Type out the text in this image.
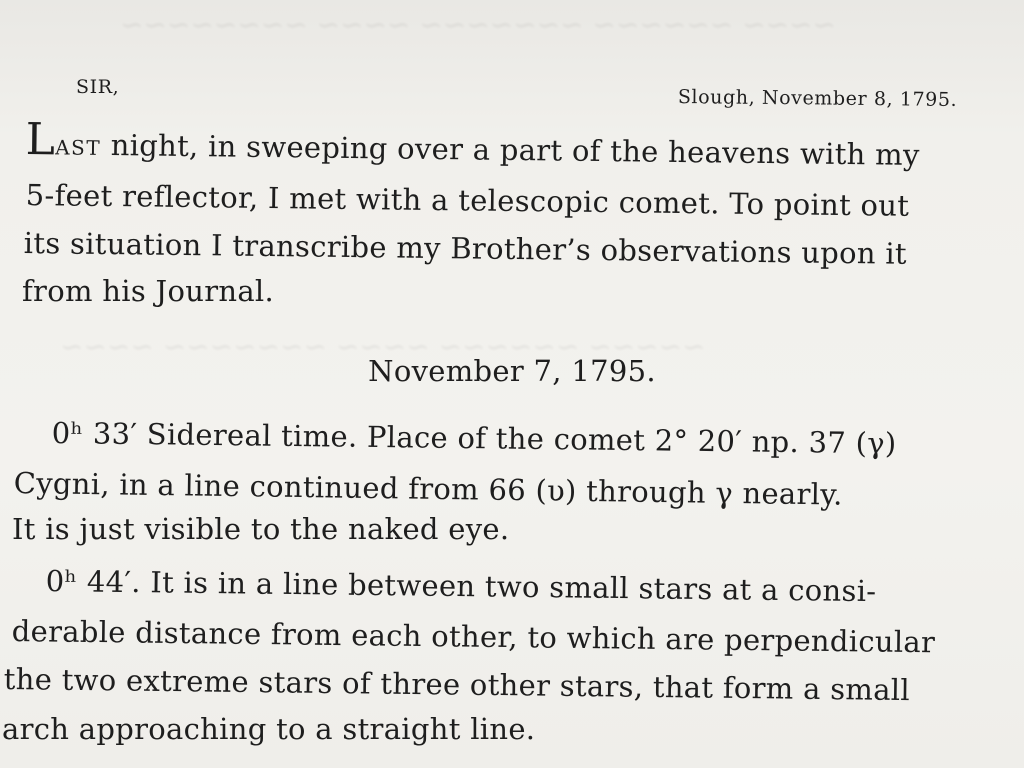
~~~~ ~~~~~~ ~~~~~~~ ~~~~ ~~~~~~~~
~~~~~ ~~~~~~ ~~~~ ~~~~~~~ ~~~~
SIR,	Slough, November 8, 1795.
Last night, in sweeping over a part of the heavens with my
5-feet reflector, I met with a telescopic comet. To point out
its situation I transcribe my Brother’s observations upon it
from his Journal.
November 7, 1795.
0ʰ 33′ Sidereal time. Place of the comet 2° 20′ np. 37 (γ)
Cygni, in a line continued from 66 (υ) through γ nearly.
It is just visible to the naked eye.
0ʰ 44′. It is in a line between two small stars at a consi-
derable distance from each other, to which are perpendicular
the two extreme stars of three other stars, that form a small
arch approaching to a straight line.
